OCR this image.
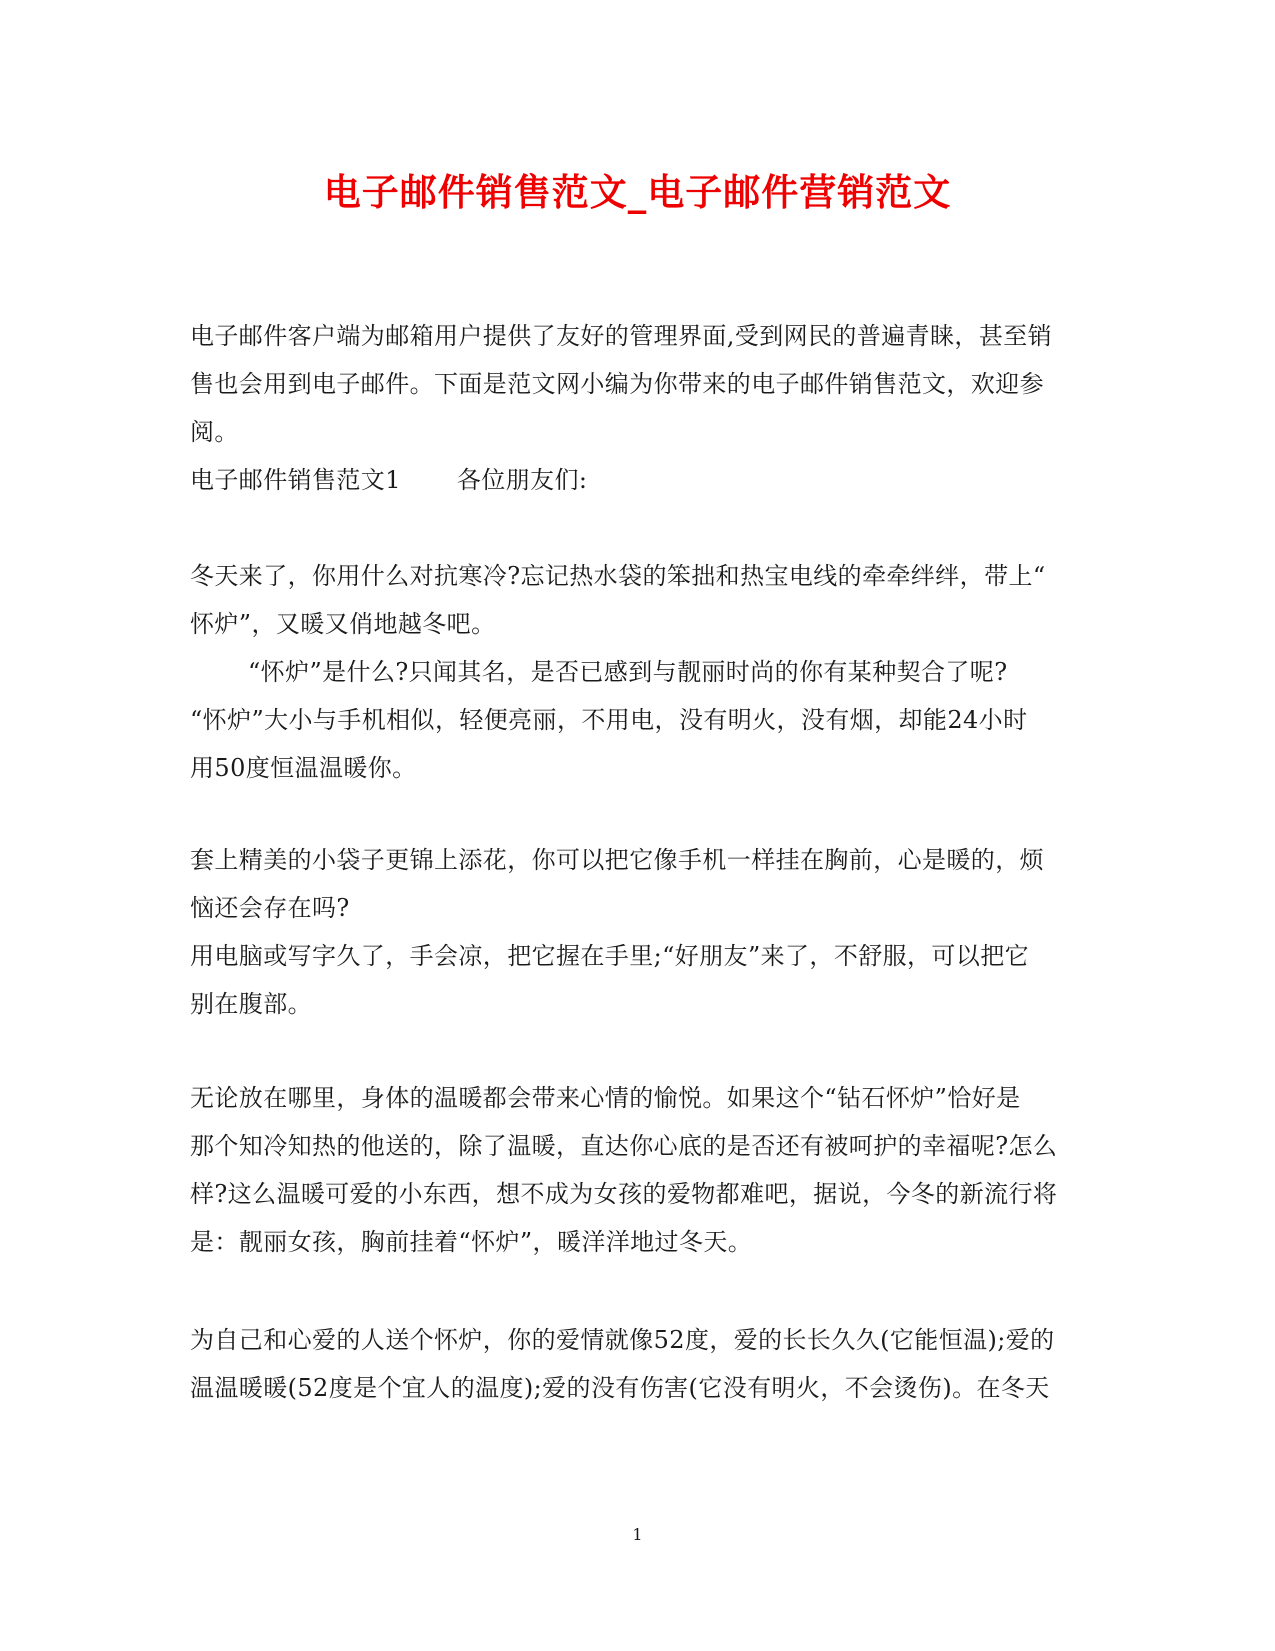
电子邮件销售范文_电子邮件营销范文
电子邮件客户端为邮箱用户提供了友好的管理界面,受到网民的普遍青睐，甚至销
售也会用到电子邮件。下面是范文网小编为你带来的电子邮件销售范文，欢迎参
阅。
电子邮件销售范文1 各位朋友们:
冬天来了，你用什么对抗寒冷?忘记热水袋的笨拙和热宝电线的牵牵绊绊，带上“
怀炉”，又暖又俏地越冬吧。
“怀炉”是什么?只闻其名，是否已感到与靓丽时尚的你有某种契合了呢?
“怀炉”大小与手机相似，轻便亮丽，不用电，没有明火，没有烟，却能24小时
用50度恒温温暖你。
套上精美的小袋子更锦上添花，你可以把它像手机一样挂在胸前，心是暖的，烦
恼还会存在吗?
用电脑或写字久了，手会凉，把它握在手里;“好朋友”来了，不舒服，可以把它
别在腹部。
无论放在哪里，身体的温暖都会带来心情的愉悦。如果这个“钻石怀炉”恰好是
那个知冷知热的他送的，除了温暖，直达你心底的是否还有被呵护的幸福呢?怎么
样?这么温暖可爱的小东西，想不成为女孩的爱物都难吧，据说，今冬的新流行将
是：靓丽女孩，胸前挂着“怀炉”，暖洋洋地过冬天。
为自己和心爱的人送个怀炉，你的爱情就像52度，爱的长长久久(它能恒温);爱的
温温暖暖(52度是个宜人的温度);爱的没有伤害(它没有明火，不会烫伤)。在冬天
1
